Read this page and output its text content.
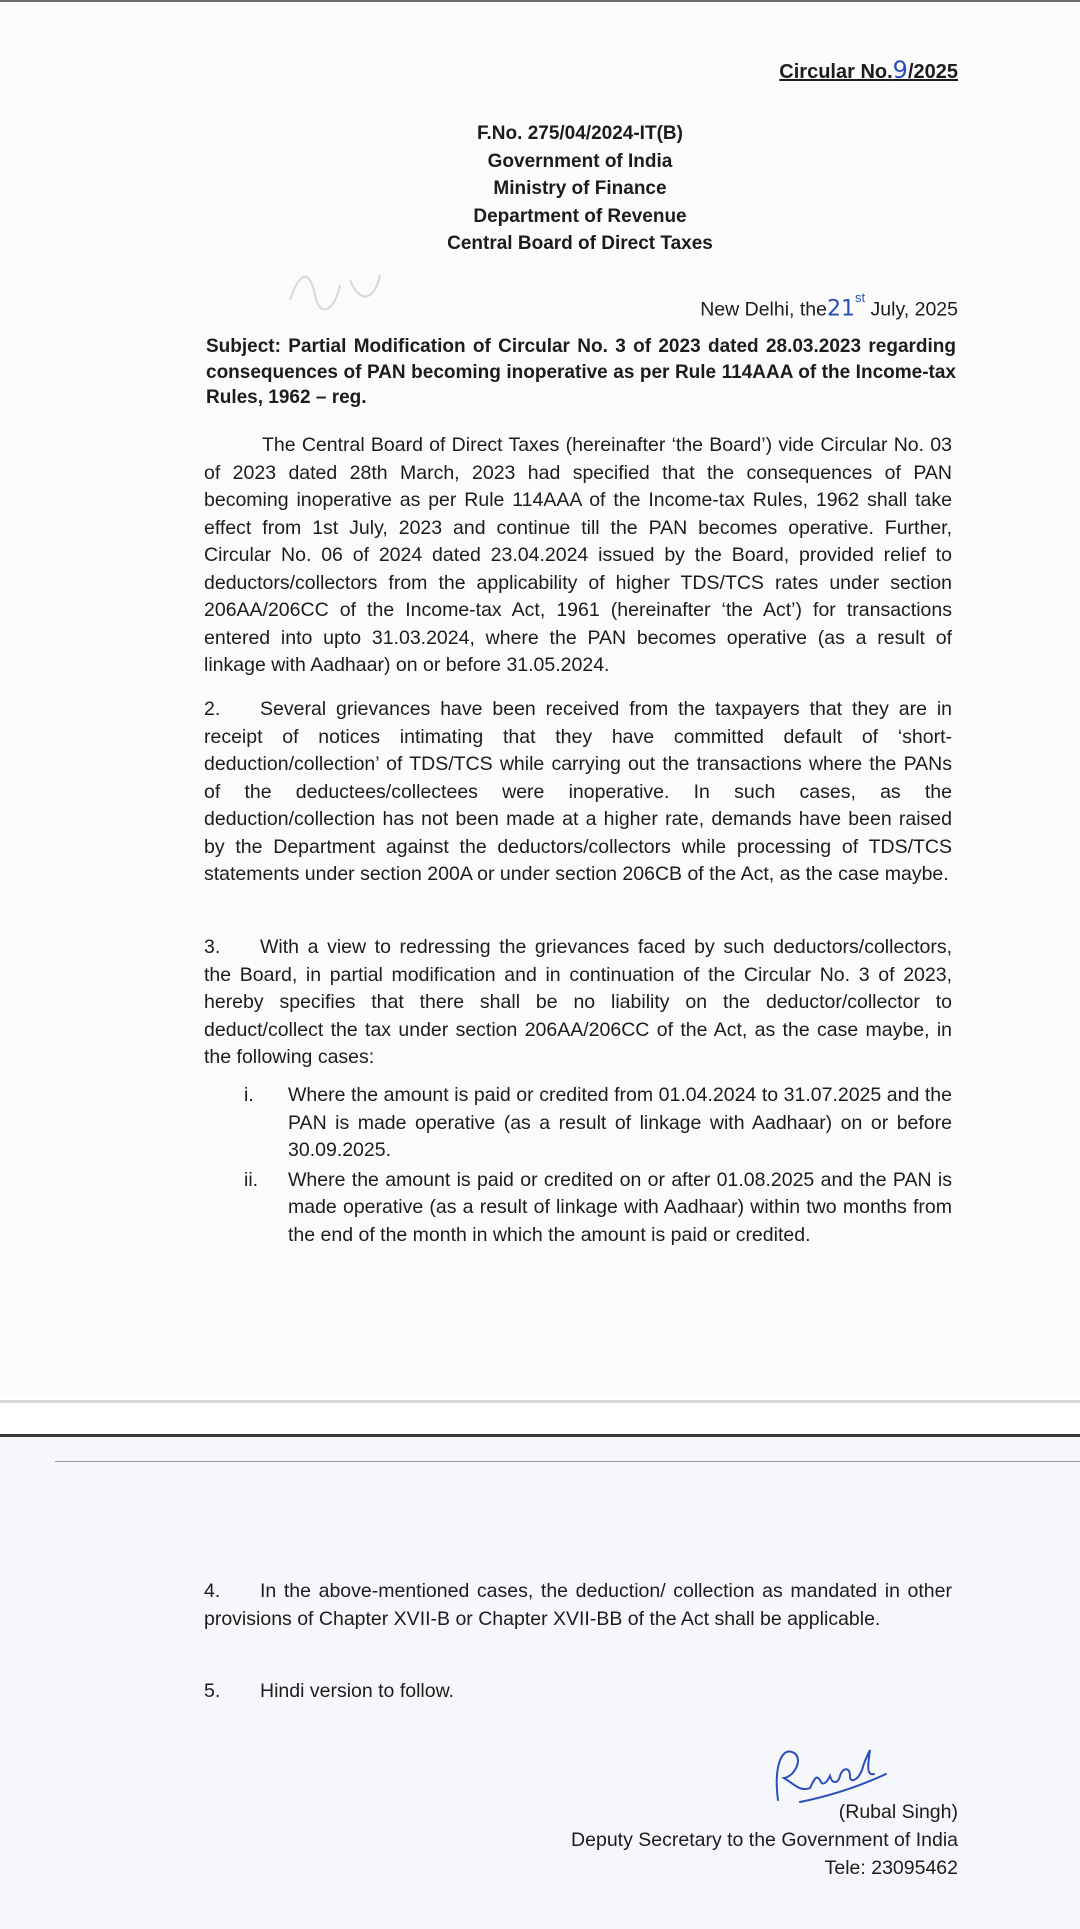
Circular No.9/2025
F.No. 275/04/2024-IT(B)
Government of India
Ministry of Finance
Department of Revenue
Central Board of Direct Taxes
New Delhi, the21st July, 2025
Subject: Partial Modification of Circular No. 3 of 2023 dated 28.03.2023 regarding consequences of PAN becoming inoperative as per Rule 114AAA of the Income-tax Rules, 1962 – reg.
The Central Board of Direct Taxes (hereinafter ‘the Board’) vide Circular No. 03 of 2023 dated 28th March, 2023 had specified that the consequences of PAN becoming inoperative as per Rule 114AAA of the Income-tax Rules, 1962 shall take effect from 1st July, 2023 and continue till the PAN becomes operative. Further, Circular No. 06 of 2024 dated 23.04.2024 issued by the Board, provided relief to deductors/collectors from the applicability of higher TDS/TCS rates under section 206AA/206CC of the Income-tax Act, 1961 (hereinafter ‘the Act’) for transactions entered into upto 31.03.2024, where the PAN becomes operative (as a result of linkage with Aadhaar) on or before 31.05.2024.
2. Several grievances have been received from the taxpayers that they are in receipt of notices intimating that they have committed default of ‘short-deduction/collection’ of TDS/TCS while carrying out the transactions where the PANs of the deductees/collectees were inoperative. In such cases, as the deduction/collection has not been made at a higher rate, demands have been raised by the Department against the deductors/collectors while processing of TDS/TCS statements under section 200A or under section 206CB of the Act, as the case maybe.
3. With a view to redressing the grievances faced by such deductors/collectors, the Board, in partial modification and in continuation of the Circular No. 3 of 2023, hereby specifies that there shall be no liability on the deductor/collector to deduct/collect the tax under section 206AA/206CC of the Act, as the case maybe, in the following cases:
i. Where the amount is paid or credited from 01.04.2024 to 31.07.2025 and the PAN is made operative (as a result of linkage with Aadhaar) on or before 30.09.2025.
ii. Where the amount is paid or credited on or after 01.08.2025 and the PAN is made operative (as a result of linkage with Aadhaar) within two months from the end of the month in which the amount is paid or credited.
4. In the above-mentioned cases, the deduction/ collection as mandated in other provisions of Chapter XVII-B or Chapter XVII-BB of the Act shall be applicable.
5. Hindi version to follow.
(Rubal Singh)
Deputy Secretary to the Government of India
Tele: 23095462
